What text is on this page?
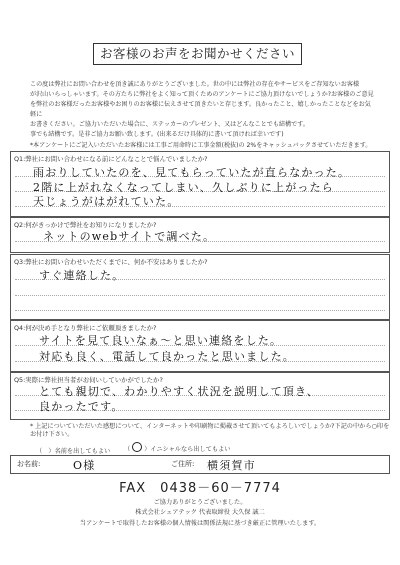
お客様のお声をお聞かせください
この度は弊社にお問い合わせを頂き誠にありがとうございました。世の中には弊社の存在やサービスをご存知ないお客様
が沢山いらっしゃいます。その方たちに弊社をよく知って頂くためのアンケートにご協力頂けないでしょうか?お客様のご意見
を弊社のお客様だったお客様やお困りのお客様に伝えさせて頂きたいと存じます。良かったこと、嬉しかったことなどをお気軽に
お書きください。ご協力いただいた場合に、ステッカーのプレゼント、又はどんなことでも結構です。
事でも結構です。是非ご協力お願い致します。(出来るだけ具体的に書いて頂ければ幸いです)
*本アンケートにご記入いただいたお客様には工事ご用命時に工事金額(税抜)の 2%をキャッシュバックさせていただきます。
Q1:弊社にお問い合わせになる前にどんなことで悩んでいましたか?
雨おりしていたのを、見てもらっていたが直らなかった。
2階に上がれなくなってしまい、久しぶりに上がったら
天じょうがはがれていた。
Q2:何がきっかけで弊社をお知りになりましたか?
ネットのwebサイトで調べた。
Q3:弊社にお問い合わせいただくまでに、何か不安はありましたか?
すぐ連絡した。
Q4:何が決め手となり弊社にご依頼頂きましたか?
サイトを見て良いなぁ～と思い連絡をした。
対応も良く、電話して良かったと思いました。
Q5:実際に弊社担当者がお伺いしていかがでしたか?
とても親切で、わかりやすく状況を説明して頂き、
良かったです。
* 上記についていただいた感想について、インターネットや印刷物に掲載させて頂いてもよろしいでしょうか?下記の中から○印を
お付け下さい。
（　）名前を出してもよい （ ）イニシャルなら出してもよい
お名前:	O様	ご住所: 横須賀市
FAX　0438－60－7774
ご協力ありがとうございました。
株式会社シェアテック 代表取締役 大久保 誠二
当アンケートで取得したお客様の個人情報は関係法規に基づき厳正に管理いたします。
